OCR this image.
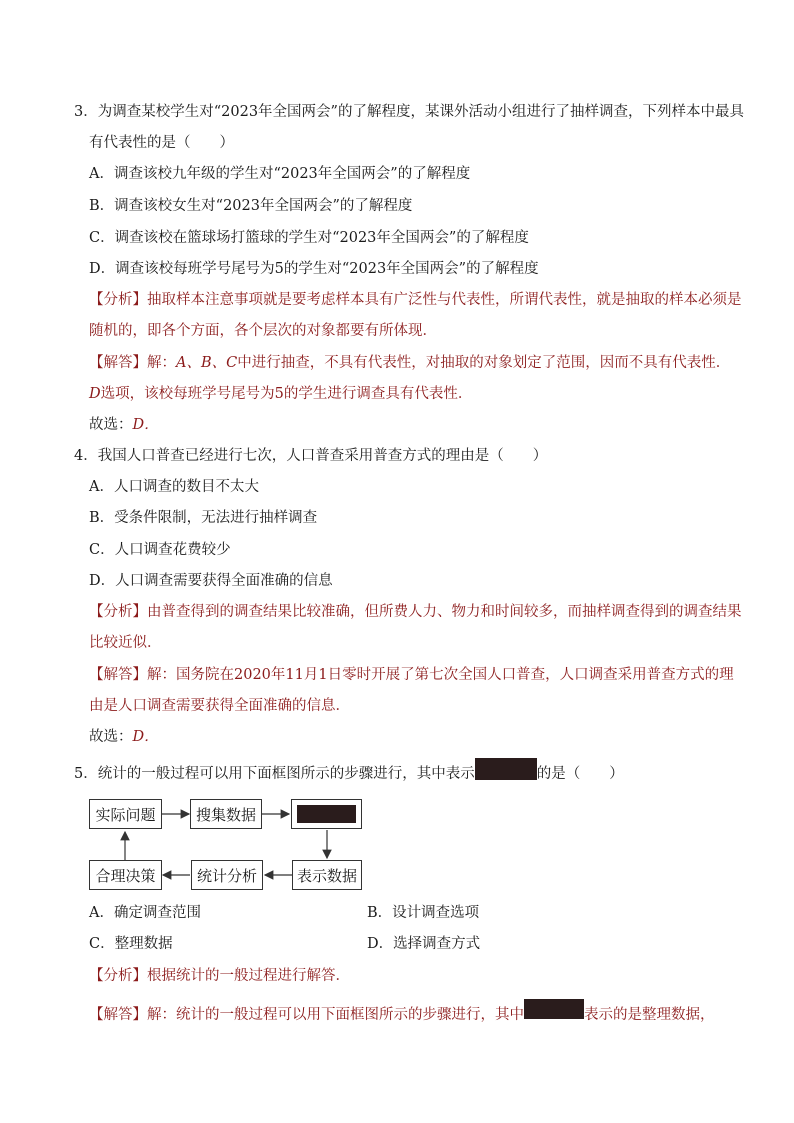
3．为调查某校学生对“2023年全国两会”的了解程度，某课外活动小组进行了抽样调查，下列样本中最具
有代表性的是（　　）
A．调查该校九年级的学生对“2023年全国两会”的了解程度
B．调查该校女生对“2023年全国两会”的了解程度
C．调查该校在篮球场打篮球的学生对“2023年全国两会”的了解程度
D．调查该校每班学号尾号为5的学生对“2023年全国两会”的了解程度
【分析】抽取样本注意事项就是要考虑样本具有广泛性与代表性，所谓代表性，就是抽取的样本必须是
随机的，即各个方面，各个层次的对象都要有所体现．
【解答】解：A、B、C中进行抽查，不具有代表性，对抽取的对象划定了范围，因而不具有代表性．
D选项，该校每班学号尾号为5的学生进行调查具有代表性．
故选：D．
4．我国人口普查已经进行七次，人口普查采用普查方式的理由是（　　）
A．人口调查的数目不太大
B．受条件限制，无法进行抽样调查
C．人口调查花费较少
D．人口调查需要获得全面准确的信息
【分析】由普查得到的调查结果比较准确，但所费人力、物力和时间较多，而抽样调查得到的调查结果
比较近似．
【解答】解：国务院在2020年11月1日零时开展了第七次全国人口普查，人口调查采用普查方式的理
由是人口调查需要获得全面准确的信息．
故选：D．
5．统计的一般过程可以用下面框图所示的步骤进行，其中表示	的是（　　）
实际问题	搜集数据
表示数据
统计分析
合理决策
A．确定调查范围	B．设计调查选项
C．整理数据	D．选择调查方式
【分析】根据统计的一般过程进行解答．
【解答】解：统计的一般过程可以用下面框图所示的步骤进行，其中	表示的是整理数据，
